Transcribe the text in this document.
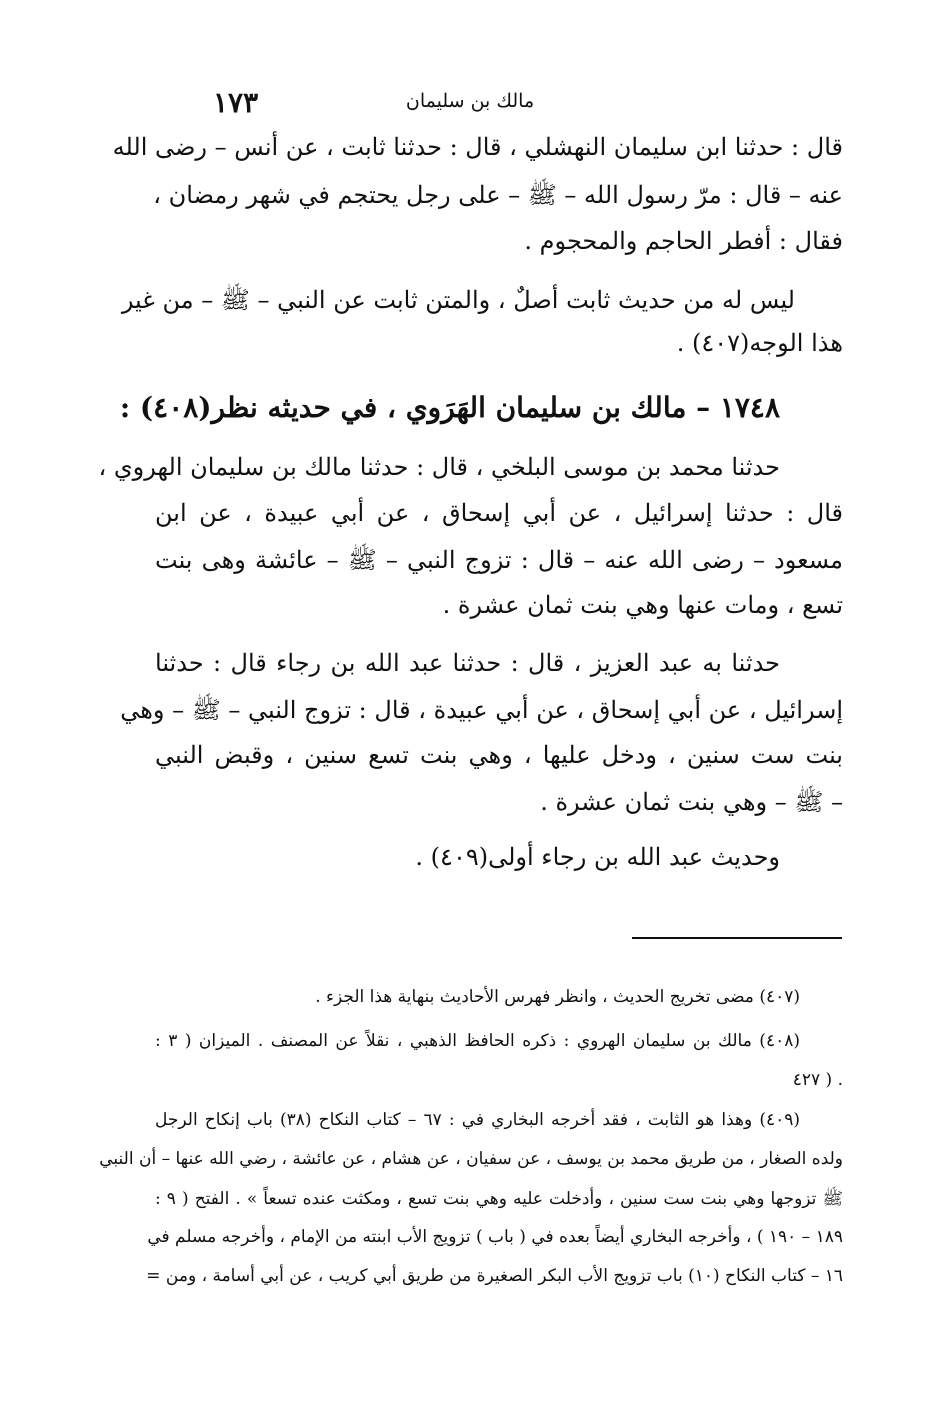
مالك بن سليمان
١٧٣
قال : حدثنا ابن سليمان النهشلي ، قال : حدثنا ثابت ، عن أنس – رضى الله
عنه – قال : مرّ رسول الله – ﷺ – على رجل يحتجم في شهر رمضان ،
فقال : أفطر الحاجم والمحجوم .
ليس له من حديث ثابت أصلٌ ، والمتن ثابت عن النبي – ﷺ – من غير
هذا الوجه(٤٠٧) .
١٧٤٨ – مالك بن سليمان الهَرَوي ، في حديثه نظر(٤٠٨) :
حدثنا محمد بن موسى البلخي ، قال : حدثنا مالك بن سليمان الهروي ،
قال : حدثنا إسرائيل ، عن أبي إسحاق ، عن أبي عبيدة ، عن ابن
مسعود – رضى الله عنه – قال : تزوج النبي – ﷺ – عائشة وهى بنت
تسع ، ومات عنها وهي بنت ثمان عشرة .
حدثنا به عبد العزيز ، قال : حدثنا عبد الله بن رجاء قال : حدثنا
إسرائيل ، عن أبي إسحاق ، عن أبي عبيدة ، قال : تزوج النبي – ﷺ – وهي
بنت ست سنين ، ودخل عليها ، وهي بنت تسع سنين ، وقبض النبي
– ﷺ – وهي بنت ثمان عشرة .
وحديث عبد الله بن رجاء أولى(٤٠٩) .
(٤٠٧) مضى تخريج الحديث ، وانظر فهرس الأحاديث بنهاية هذا الجزء .
(٤٠٨) مالك بن سليمان الهروي : ذكره الحافظ الذهبي ، نقلاً عن المصنف . الميزان ( ٣ :
٤٢٧ ) .
(٤٠٩) وهذا هو الثابت ، فقد أخرجه البخاري في : ٦٧ – كتاب النكاح (٣٨) باب إنكاح الرجل
ولده الصغار ، من طريق محمد بن يوسف ، عن سفيان ، عن هشام ، عن عائشة ، رضي الله عنها – أن النبي
ﷺ تزوجها وهي بنت ست سنين ، وأدخلت عليه وهي بنت تسع ، ومكثت عنده تسعاً » . الفتح ( ٩ :
١٨٩ – ١٩٠ ) ، وأخرجه البخاري أيضاً بعده في ( باب ) تزويج الأب ابنته من الإمام ، وأخرجه مسلم في
١٦ – كتاب النكاح (١٠) باب تزويج الأب البكر الصغيرة من طريق أبي كريب ، عن أبي أسامة ، ومن =
